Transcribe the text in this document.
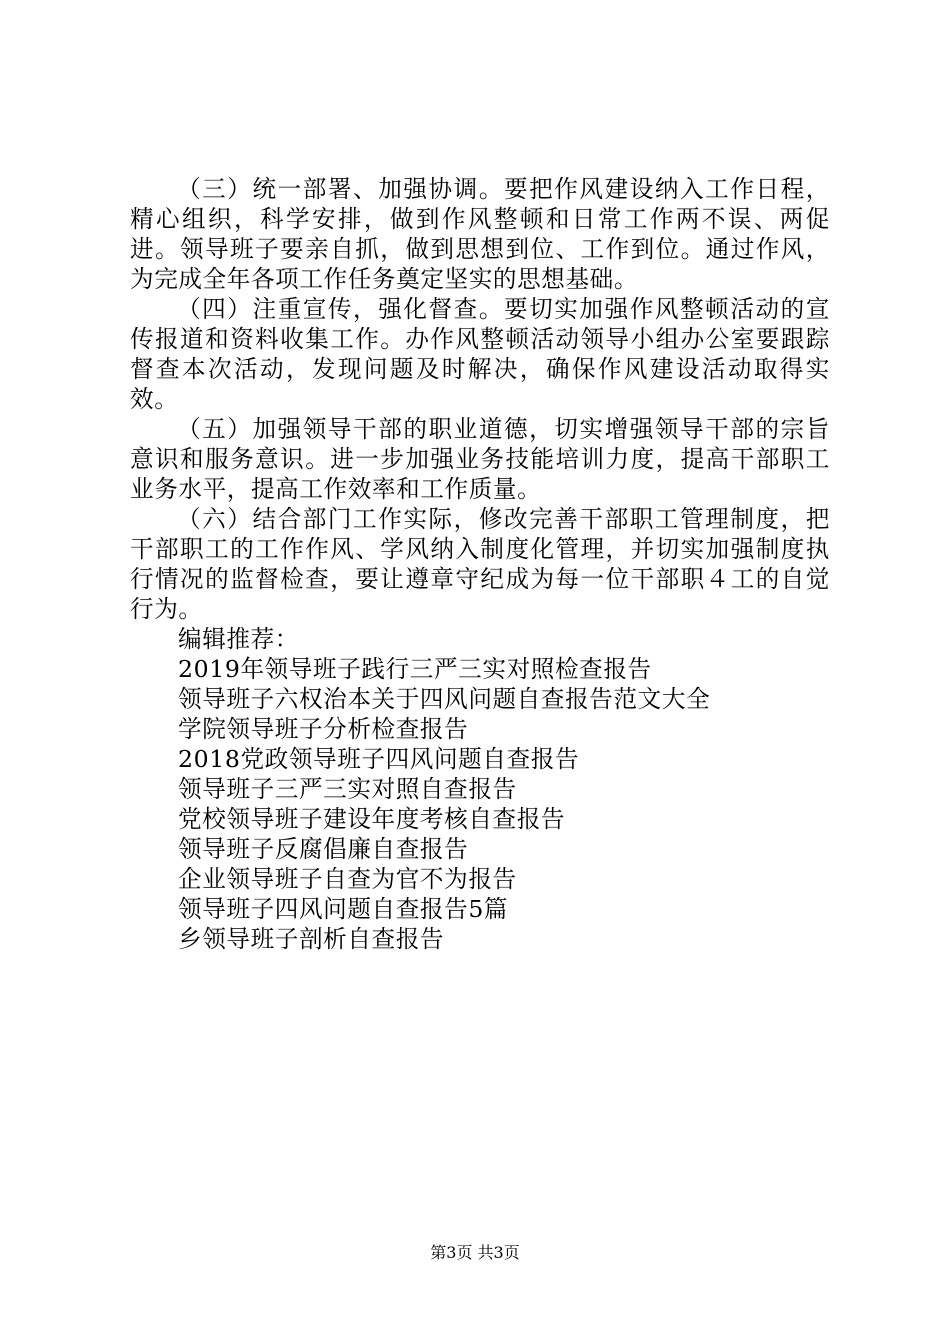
（三）统一部署、加强协调。要把作风建设纳入工作日程，精心组织，科学安排，做到作风整顿和日常工作两不误、两促进。领导班子要亲自抓，做到思想到位、工作到位。通过作风，为完成全年各项工作任务奠定坚实的思想基础。

（四）注重宣传，强化督查。要切实加强作风整顿活动的宣传报道和资料收集工作。办作风整顿活动领导小组办公室要跟踪督查本次活动，发现问题及时解决，确保作风建设活动取得实效。

（五）加强领导干部的职业道德，切实增强领导干部的宗旨意识和服务意识。进一步加强业务技能培训力度，提高干部职工业务水平，提高工作效率和工作质量。

（六）结合部门工作实际，修改完善干部职工管理制度，把干部职工的工作作风、学风纳入制度化管理，并切实加强制度执行情况的监督检查，要让遵章守纪成为每一位干部职４工的自觉行为。

编辑推荐：

2019年领导班子践行三严三实对照检查报告
领导班子六权治本关于四风问题自查报告范文大全
学院领导班子分析检查报告
2018党政领导班子四风问题自查报告
领导班子三严三实对照自查报告
党校领导班子建设年度考核自查报告
领导班子反腐倡廉自查报告
企业领导班子自查为官不为报告
领导班子四风问题自查报告5篇
乡领导班子剖析自查报告
第3页 共3页
